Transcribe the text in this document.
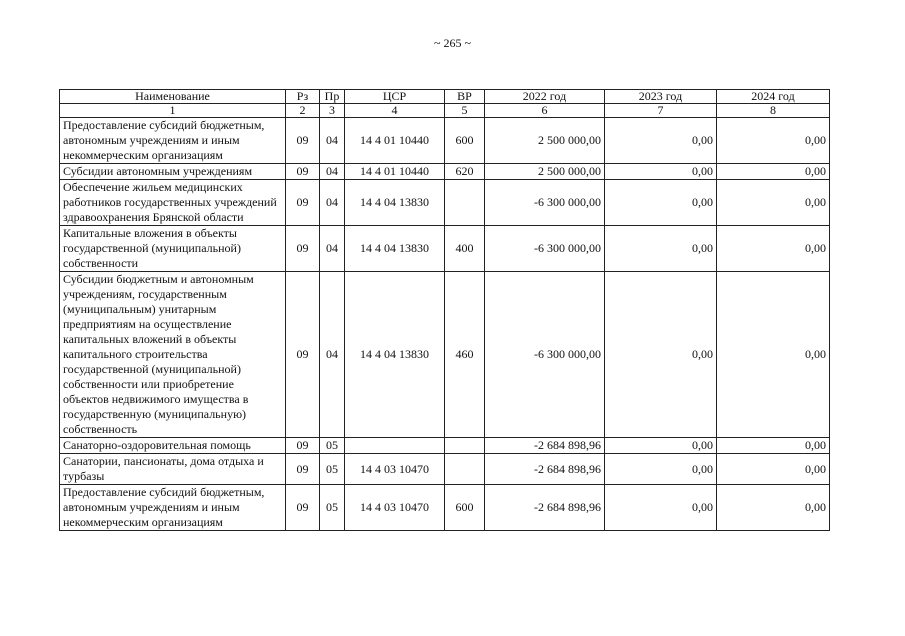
~ 265 ~
Наименование	Рз	Пр	ЦСР	ВР	2022 год	2023 год	2024 год
1	2	3	4	5	6	7	8
Предоставление субсидий бюджетным, автономным учреждениям и иным некоммерческим организациям	09	04	14 4 01 10440	600	2 500 000,00	0,00	0,00
Субсидии автономным учреждениям	09	04	14 4 01 10440	620	2 500 000,00	0,00	0,00
Обеспечение жильем медицинских работников государственных учреждений здравоохранения Брянской области	09	04	14 4 04 13830		-6 300 000,00	0,00	0,00
Капитальные вложения в объекты государственной (муниципальной) собственности	09	04	14 4 04 13830	400	-6 300 000,00	0,00	0,00
Субсидии бюджетным и автономным учреждениям, государственным (муниципальным) унитарным предприятиям на осуществление капитальных вложений в объекты капитального строительства государственной (муниципальной) собственности или приобретение объектов недвижимого имущества в государственную (муниципальную) собственность	09	04	14 4 04 13830	460	-6 300 000,00	0,00	0,00
Санаторно-оздоровительная помощь	09	05			-2 684 898,96	0,00	0,00
Санатории, пансионаты, дома отдыха и турбазы	09	05	14 4 03 10470		-2 684 898,96	0,00	0,00
Предоставление субсидий бюджетным, автономным учреждениям и иным некоммерческим организациям	09	05	14 4 03 10470	600	-2 684 898,96	0,00	0,00
